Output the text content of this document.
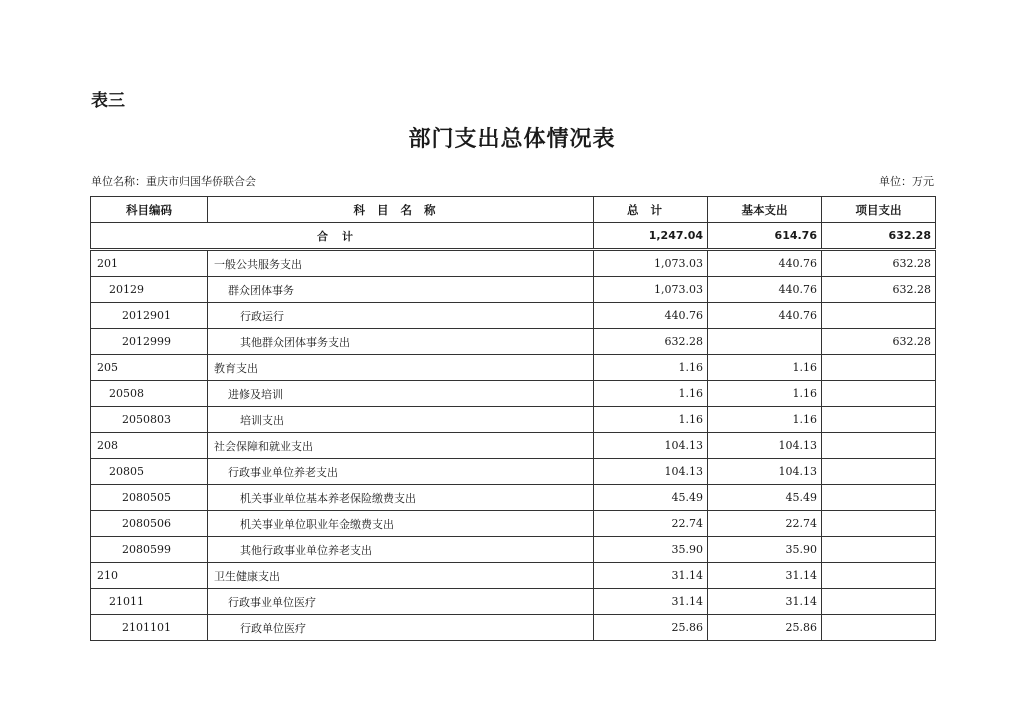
表三
部门支出总体情况表
单位名称：重庆市归国华侨联合会	单位：万元
科目编码	科目名称	总计	基本支出	项目支出
合计		1,247.04	614.76	632.28
201	一般公共服务支出	1,073.03	440.76	632.28
20129	群众团体事务	1,073.03	440.76	632.28
2012901	行政运行	440.76	440.76	
2012999	其他群众团体事务支出	632.28		632.28
205	教育支出	1.16	1.16	
20508	进修及培训	1.16	1.16	
2050803	培训支出	1.16	1.16	
208	社会保障和就业支出	104.13	104.13	
20805	行政事业单位养老支出	104.13	104.13	
2080505	机关事业单位基本养老保险缴费支出	45.49	45.49	
2080506	机关事业单位职业年金缴费支出	22.74	22.74	
2080599	其他行政事业单位养老支出	35.90	35.90	
210	卫生健康支出	31.14	31.14	
21011	行政事业单位医疗	31.14	31.14	
2101101	行政单位医疗	25.86	25.86	
